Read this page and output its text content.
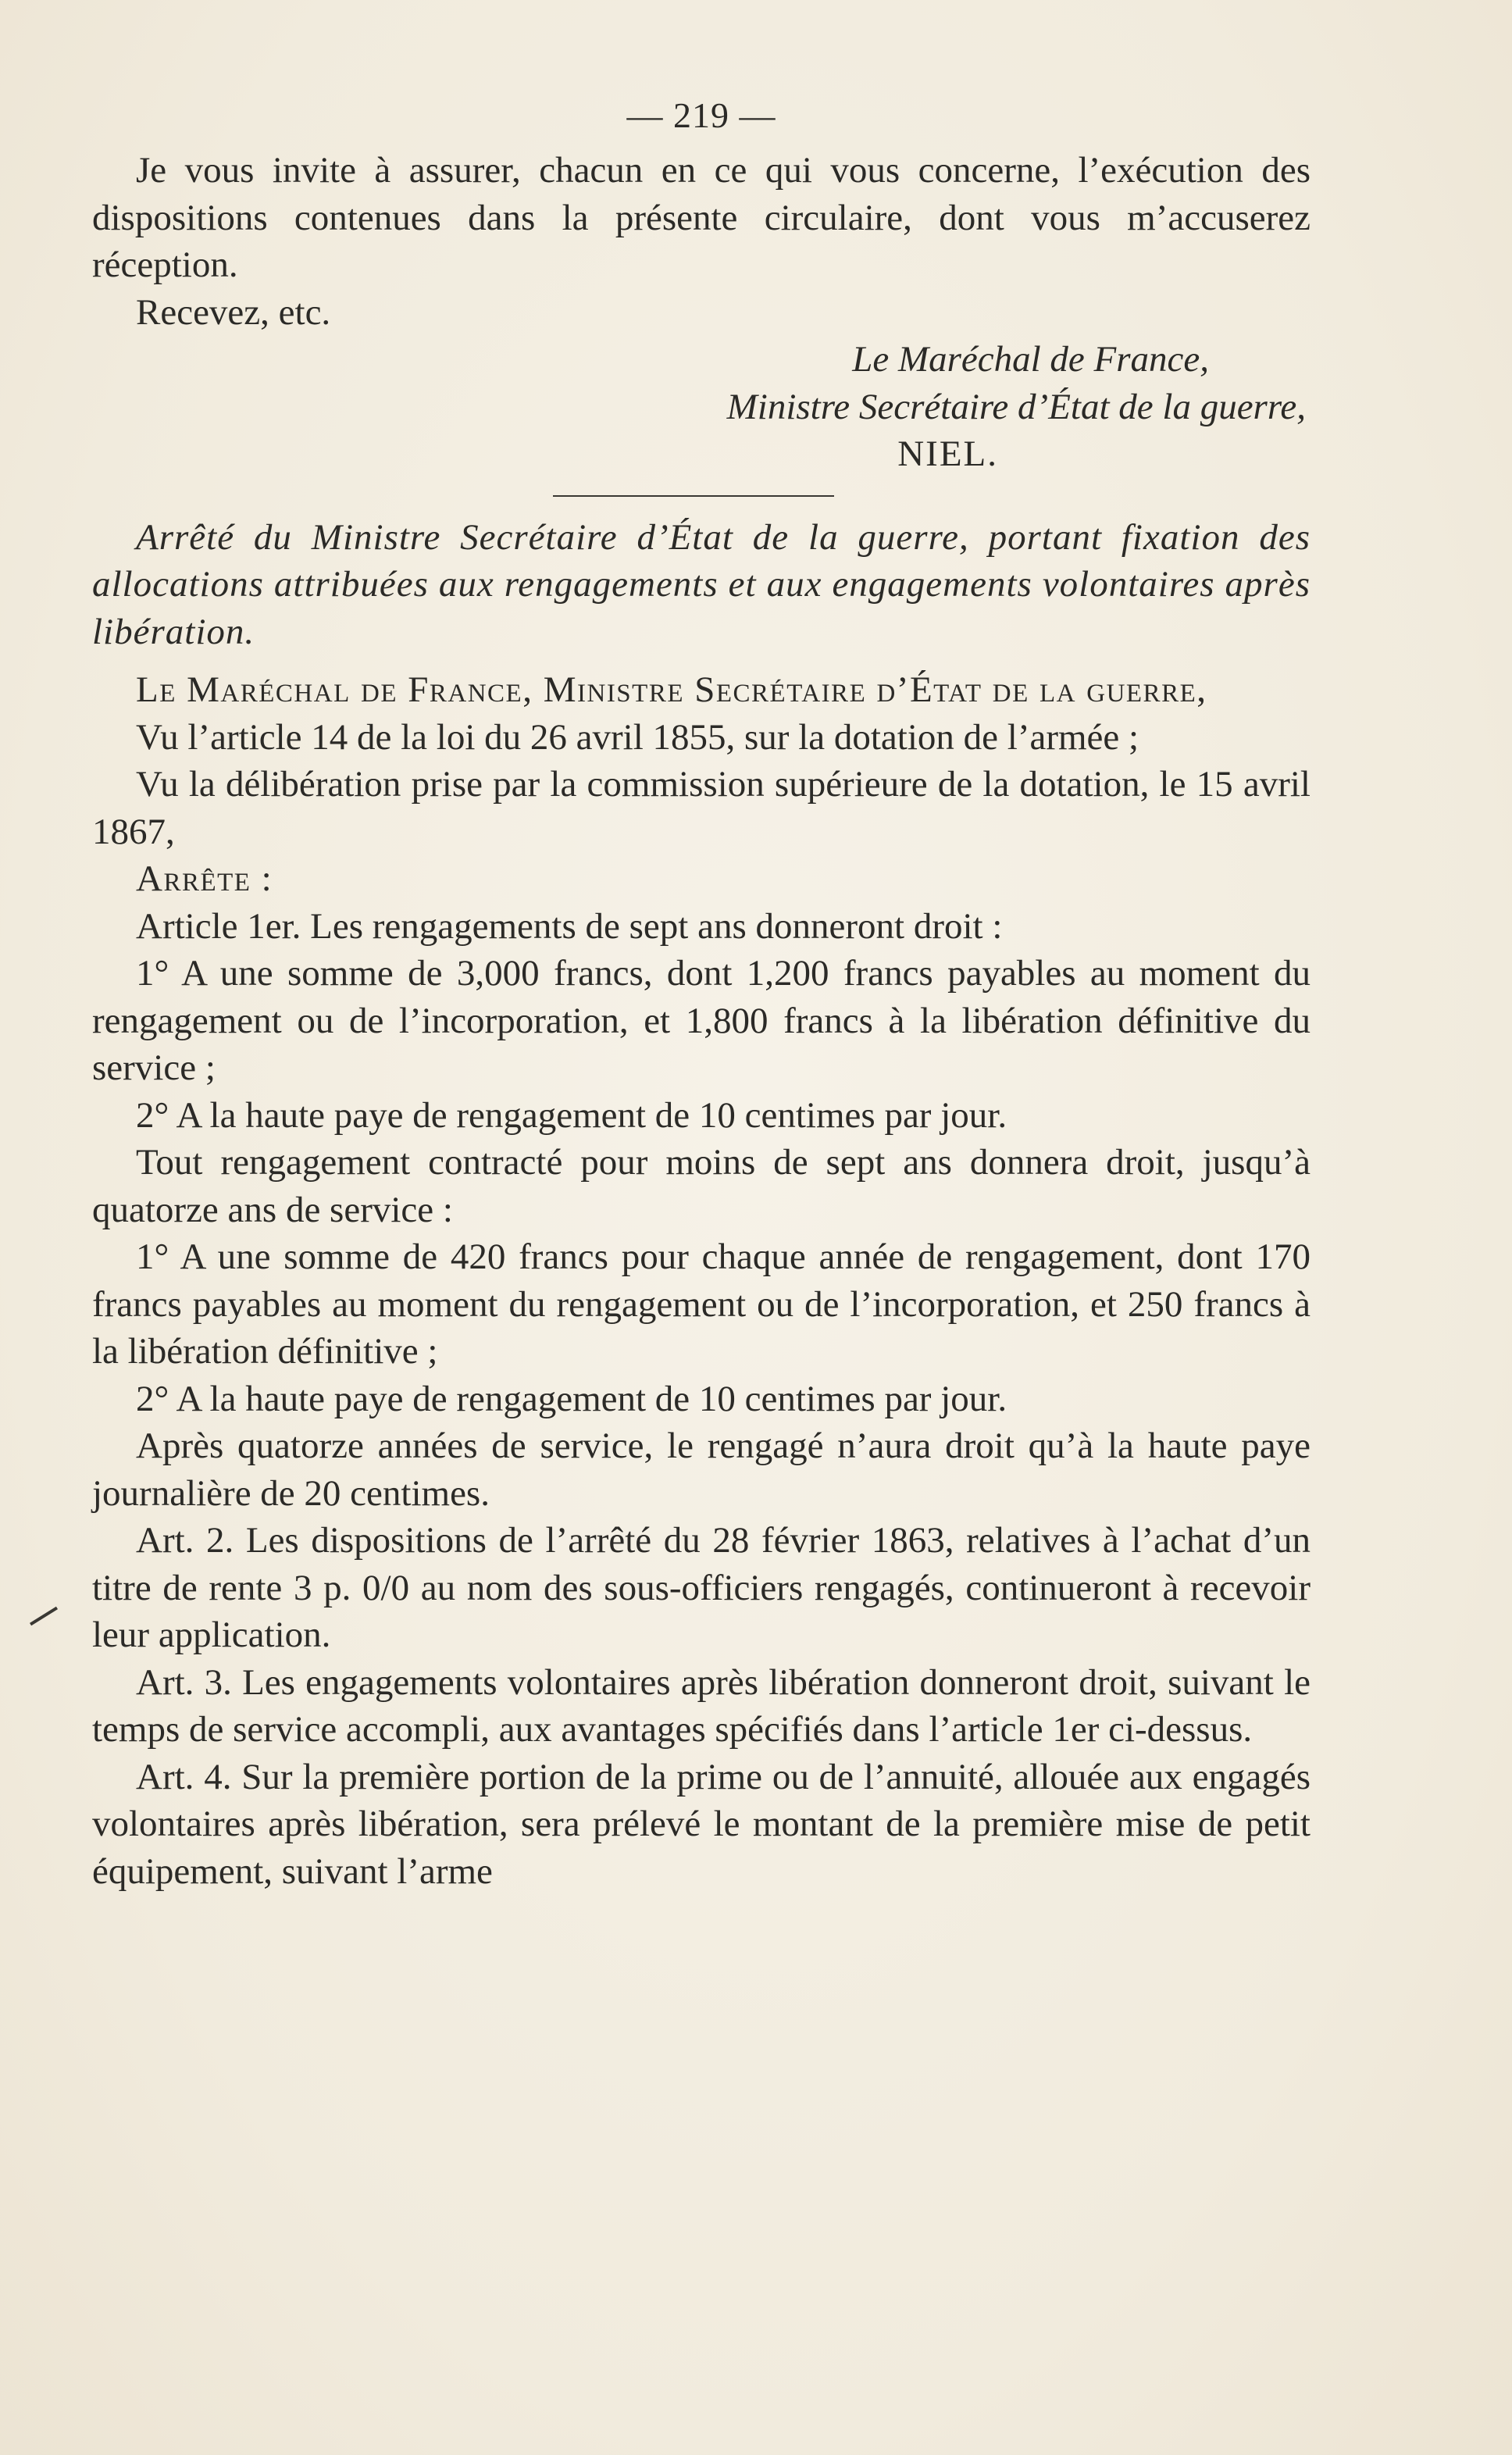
— 219 —

Je vous invite à assurer, chacun en ce qui vous concerne, l’exécution des dispositions contenues dans la présente circulaire, dont vous m’accuserez réception.

Recevez, etc.

Le Maréchal de France,

Ministre Secrétaire d’État de la guerre,

NIEL.

Arrêté du Ministre Secrétaire d’État de la guerre, portant fixation des allocations attribuées aux rengagements et aux engagements volontaires après libération.

Le Maréchal de France, Ministre Secrétaire d’État de la guerre,

Vu l’article 14 de la loi du 26 avril 1855, sur la dotation de l’armée ;

Vu la délibération prise par la commission supérieure de la dotation, le 15 avril 1867,

Arrête :

Article 1er. Les rengagements de sept ans donneront droit :

1° A une somme de 3,000 francs, dont 1,200 francs payables au moment du rengagement ou de l’incorporation, et 1,800 francs à la libération définitive du service ;

2° A la haute paye de rengagement de 10 centimes par jour.

Tout rengagement contracté pour moins de sept ans donnera droit, jusqu’à quatorze ans de service :

1° A une somme de 420 francs pour chaque année de rengagement, dont 170 francs payables au moment du rengagement ou de l’incorporation, et 250 francs à la libération définitive ;

2° A la haute paye de rengagement de 10 centimes par jour.

Après quatorze années de service, le rengagé n’aura droit qu’à la haute paye journalière de 20 centimes.

Art. 2. Les dispositions de l’arrêté du 28 février 1863, relatives à l’achat d’un titre de rente 3 p. 0/0 au nom des sous-officiers rengagés, continueront à recevoir leur application.

Art. 3. Les engagements volontaires après libération donneront droit, suivant le temps de service accompli, aux avantages spécifiés dans l’article 1er ci-dessus.

Art. 4. Sur la première portion de la prime ou de l’annuité, allouée aux engagés volontaires après libération, sera prélevé le montant de la première mise de petit équipement, suivant l’arme
